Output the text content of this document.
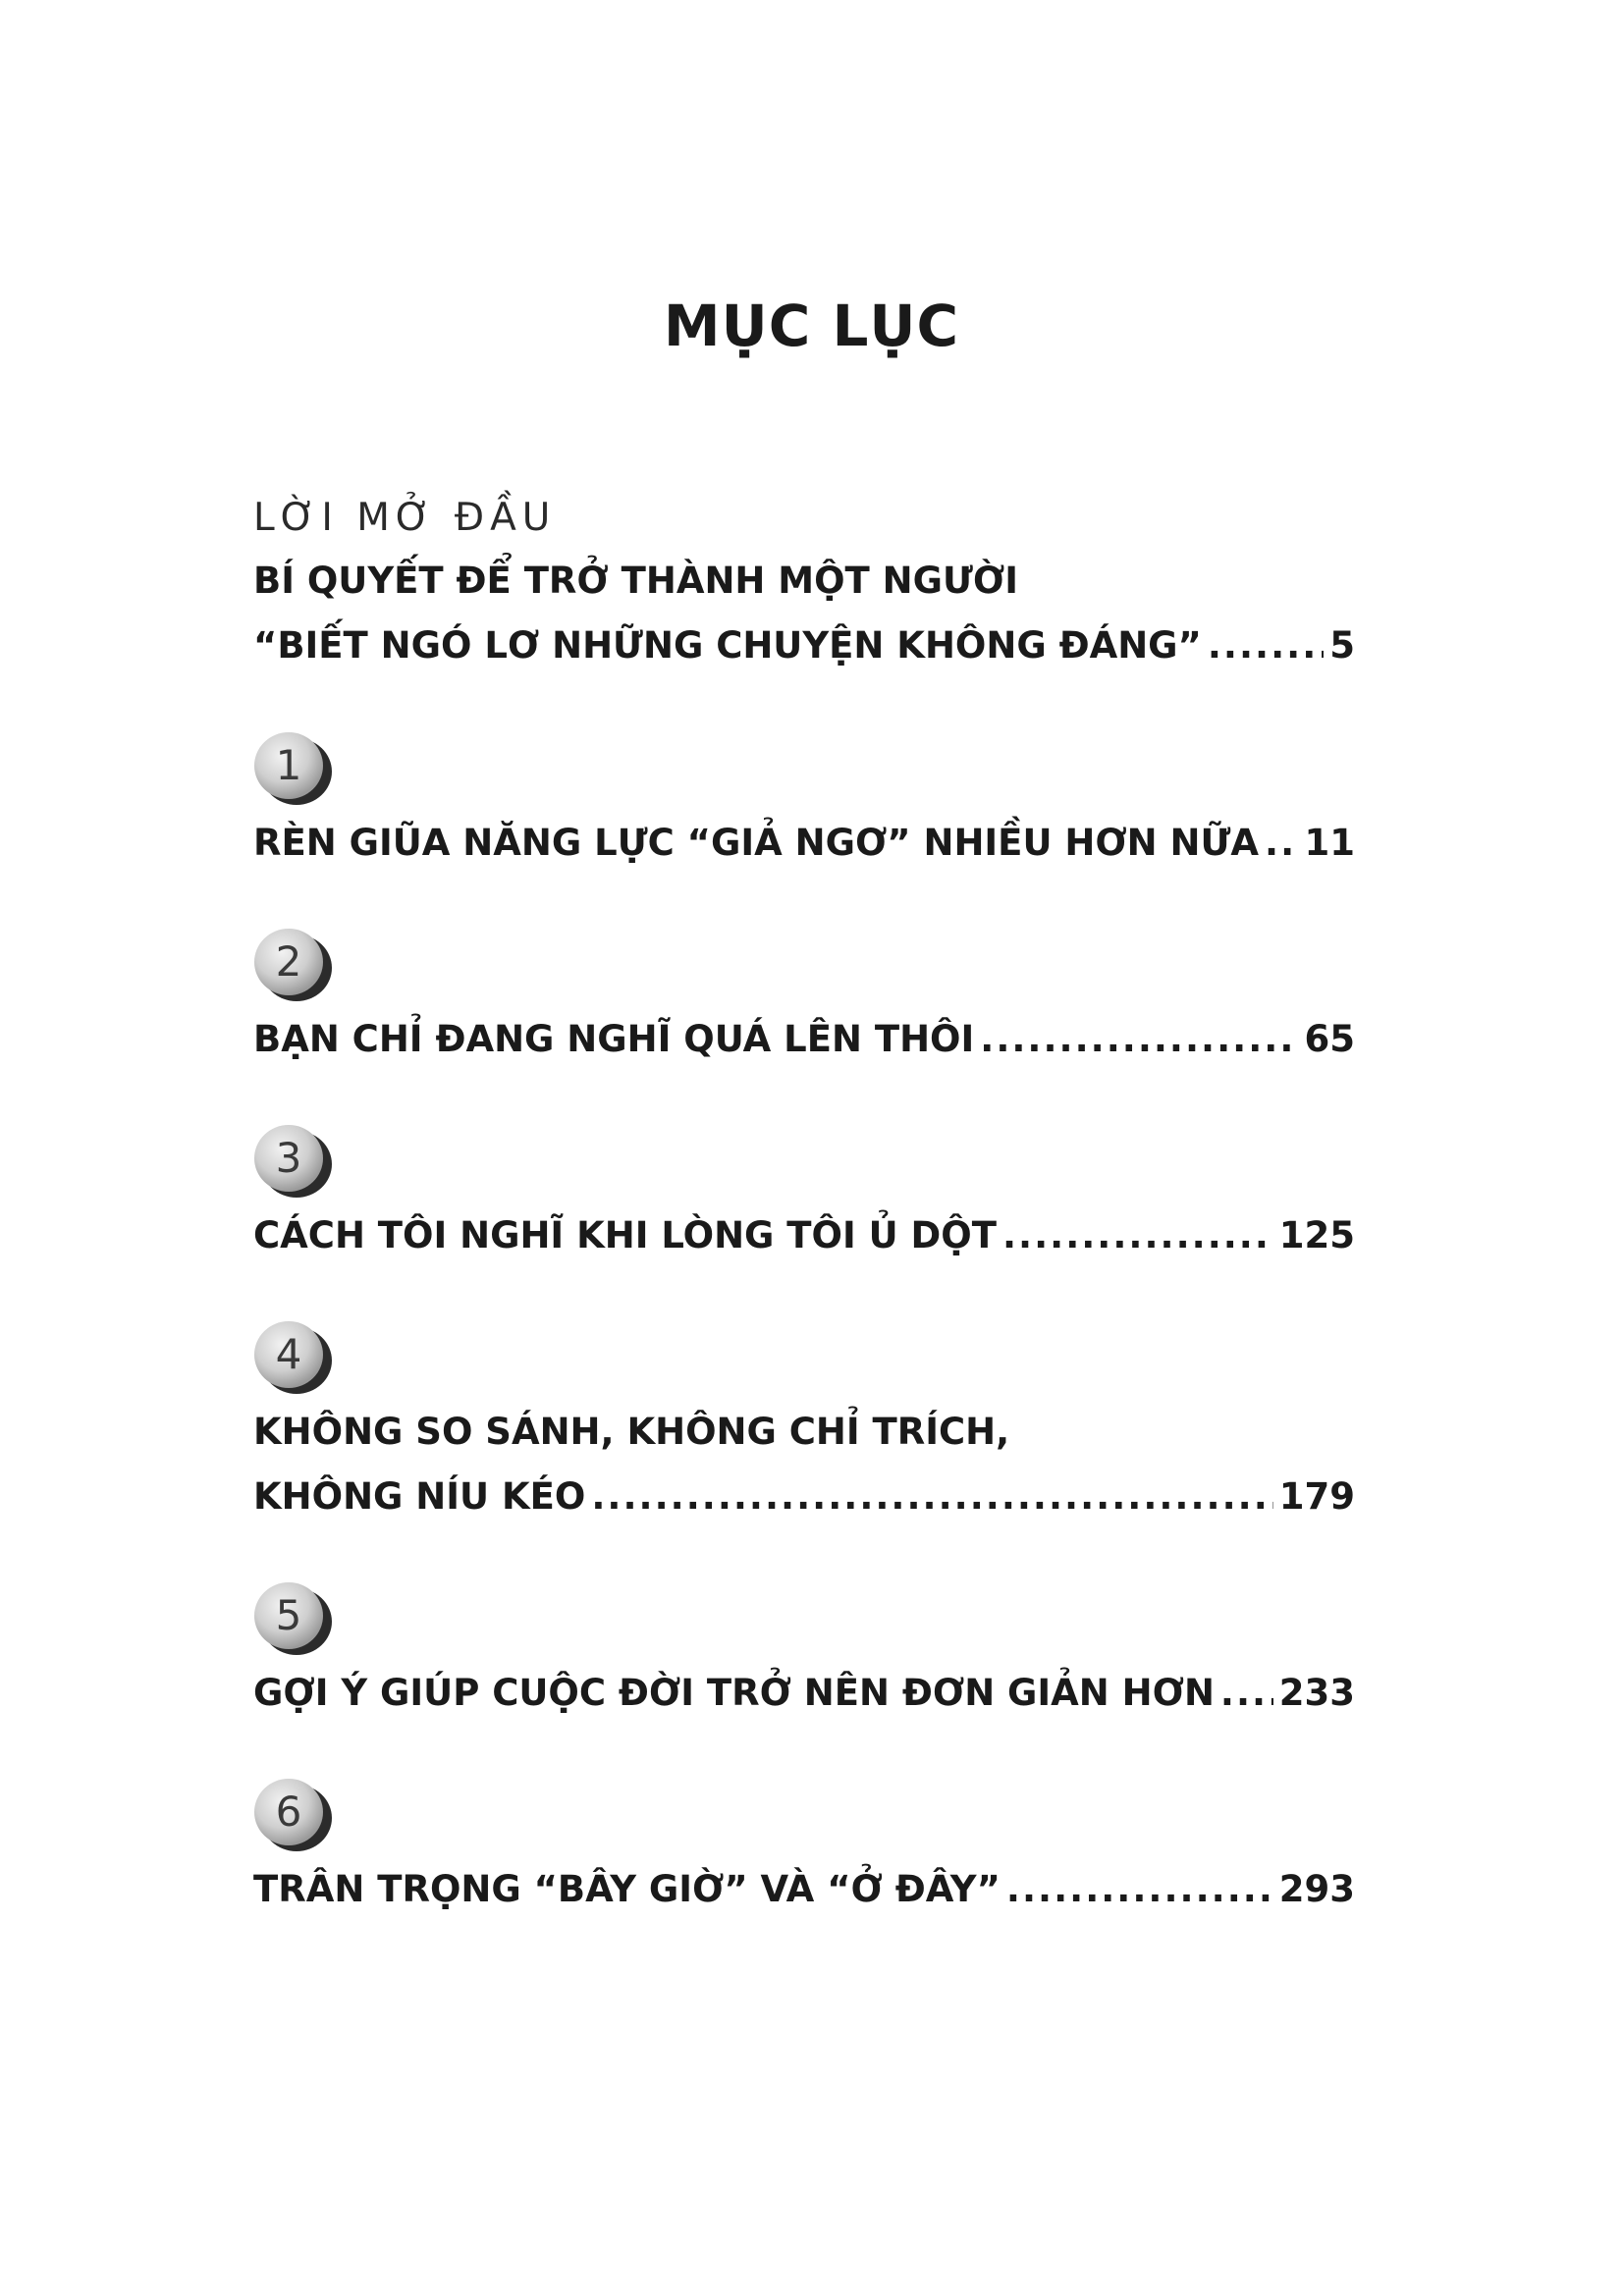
MỤC LỤC
LỜI MỞ ĐẦU
BÍ QUYẾT ĐỂ TRỞ THÀNH MỘT NGƯỜI
“BIẾT NGÓ LƠ NHỮNG CHUYỆN KHÔNG ĐÁNG” .....	5
1
RÈN GIŨA NĂNG LỰC “GIẢ NGƠ” NHIỀU HƠN NỮA ..... 11
2
BẠN CHỈ ĐANG NGHĨ QUÁ LÊN THÔI .....	65
3
CÁCH TÔI NGHĨ KHI LÒNG TÔI Ủ DỘT .....	125
4
KHÔNG SO SÁNH, KHÔNG CHỈ TRÍCH,
KHÔNG NÍU KÉO .....	179
5
GỢI Ý GIÚP CUỘC ĐỜI TRỞ NÊN ĐƠN GIẢN HƠN ..... 233
6
TRÂN TRỌNG “BÂY GIỜ” VÀ “Ở ĐÂY” .....	293
